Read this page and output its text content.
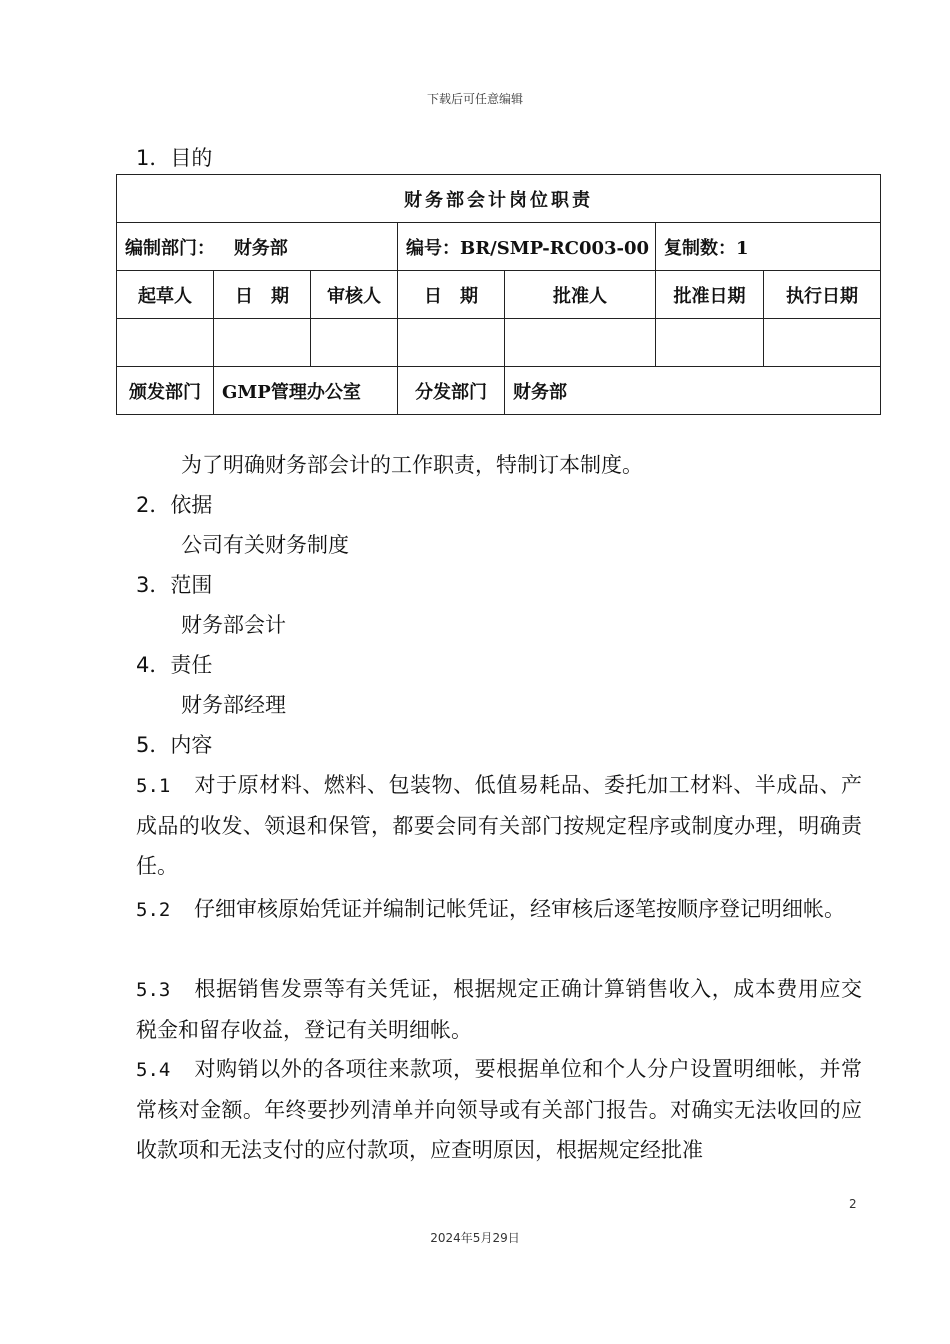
下载后可任意编辑
1．目的
财务部会计岗位职责						
编制部门： 财务部			编号：BR/SMP-RC003-00		复制数：1	
起草人	日　期	审核人	日　期	批准人	批准日期	执行日期

颁发部门	GMP管理办公室		分发部门	财务部		
为了明确财务部会计的工作职责，特制订本制度。
2．依据
公司有关财务制度
3．范围
财务部会计
4．责任
财务部经理
5．内容
5.1 对于原材料、燃料、包装物、低值易耗品、委托加工材料、半成品、产成品的收发、领退和保管，都要会同有关部门按规定程序或制度办理，明确责任。
5.2 仔细审核原始凭证并编制记帐凭证，经审核后逐笔按顺序登记明细帐。
5.3 根据销售发票等有关凭证，根据规定正确计算销售收入，成本费用应交税金和留存收益，登记有关明细帐。
5.4 对购销以外的各项往来款项，要根据单位和个人分户设置明细帐，并常常核对金额。年终要抄列清单并向领导或有关部门报告。对确实无法收回的应收款项和无法支付的应付款项，应查明原因，根据规定经批准
2
2024年5月29日
